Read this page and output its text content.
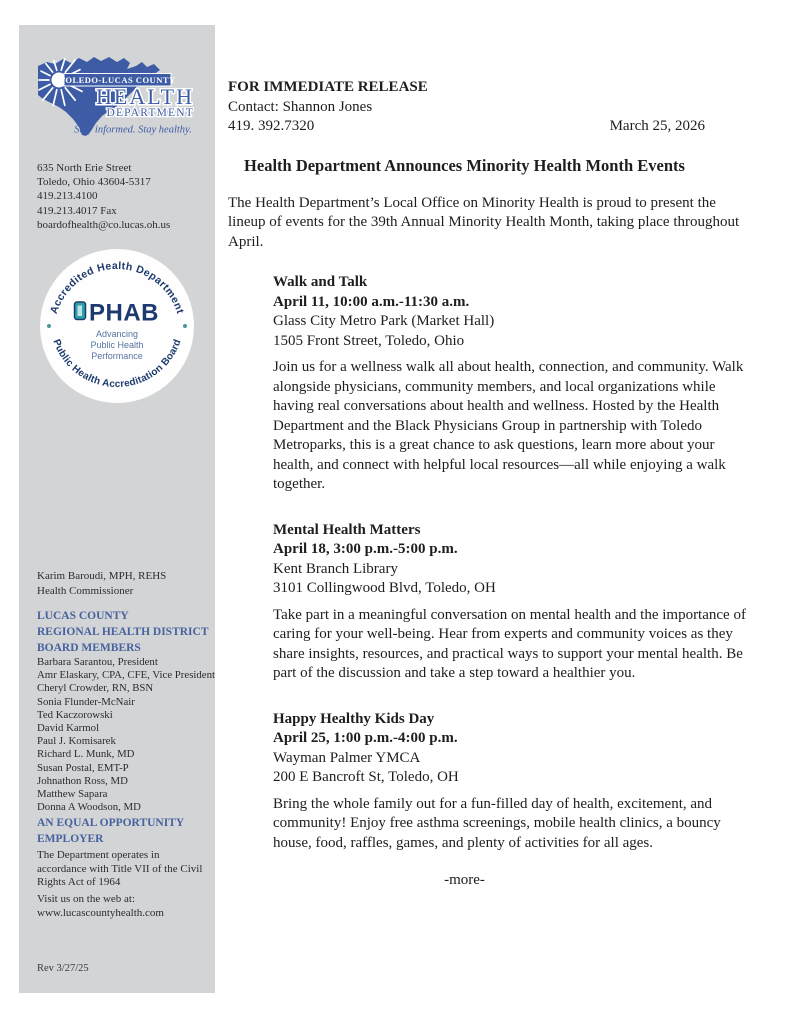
TOLEDO-LUCAS COUNTY
HEALTH
DEPARTMENT
Stay informed. Stay healthy.
635 North Erie Street
Toledo, Ohio 43604-5317
419.213.4100
419.213.4017 Fax
boardofhealth@co.lucas.oh.us
Accredited Health Department
Public Health Accreditation Board
PHAB
Advancing
Public Health
Performance
Karim Baroudi, MPH, REHS
Health Commissioner
LUCAS COUNTY
REGIONAL HEALTH DISTRICT
BOARD MEMBERS
Barbara Sarantou, President
Amr Elaskary, CPA, CFE, Vice President
Cheryl Crowder, RN, BSN
Sonia Flunder-McNair
Ted Kaczorowski
David Karmol
Paul J. Komisarek
Richard L. Munk, MD
Susan Postal, EMT-P
Johnathon Ross, MD
Matthew Sapara
Donna A Woodson, MD
AN EQUAL OPPORTUNITY EMPLOYER
The Department operates in accordance with Title VII of the Civil Rights Act of 1964
Visit us on the web at:
www.lucascountyhealth.com
Rev 3/27/25
FOR IMMEDIATE RELEASE
Contact: Shannon Jones
419. 392.7320	March 25, 2026
Health Department Announces Minority Health Month Events

The Health Department’s Local Office on Minority Health is proud to present the lineup of events for the 39th Annual Minority Health Month, taking place throughout April.

Walk and Talk
April 11, 10:00 a.m.-11:30 a.m.
Glass City Metro Park (Market Hall)
1505 Front Street, Toledo, Ohio

Join us for a wellness walk all about health, connection, and community. Walk alongside physicians, community members, and local organizations while having real conversations about health and wellness. Hosted by the Health Department and the Black Physicians Group in partnership with Toledo Metroparks, this is a great chance to ask questions, learn more about your health, and connect with helpful local resources—all while enjoying a walk together.

Mental Health Matters
April 18, 3:00 p.m.-5:00 p.m.
Kent Branch Library
3101 Collingwood Blvd, Toledo, OH

Take part in a meaningful conversation on mental health and the importance of caring for your well-being. Hear from experts and community voices as they share insights, resources, and practical ways to support your mental health. Be part of the discussion and take a step toward a healthier you.

Happy Healthy Kids Day
April 25, 1:00 p.m.-4:00 p.m.
Wayman Palmer YMCA
200 E Bancroft St, Toledo, OH

Bring the whole family out for a fun-filled day of health, excitement, and community! Enjoy free asthma screenings, mobile health clinics, a bouncy house, food, raffles, games, and plenty of activities for all ages.

-more-
